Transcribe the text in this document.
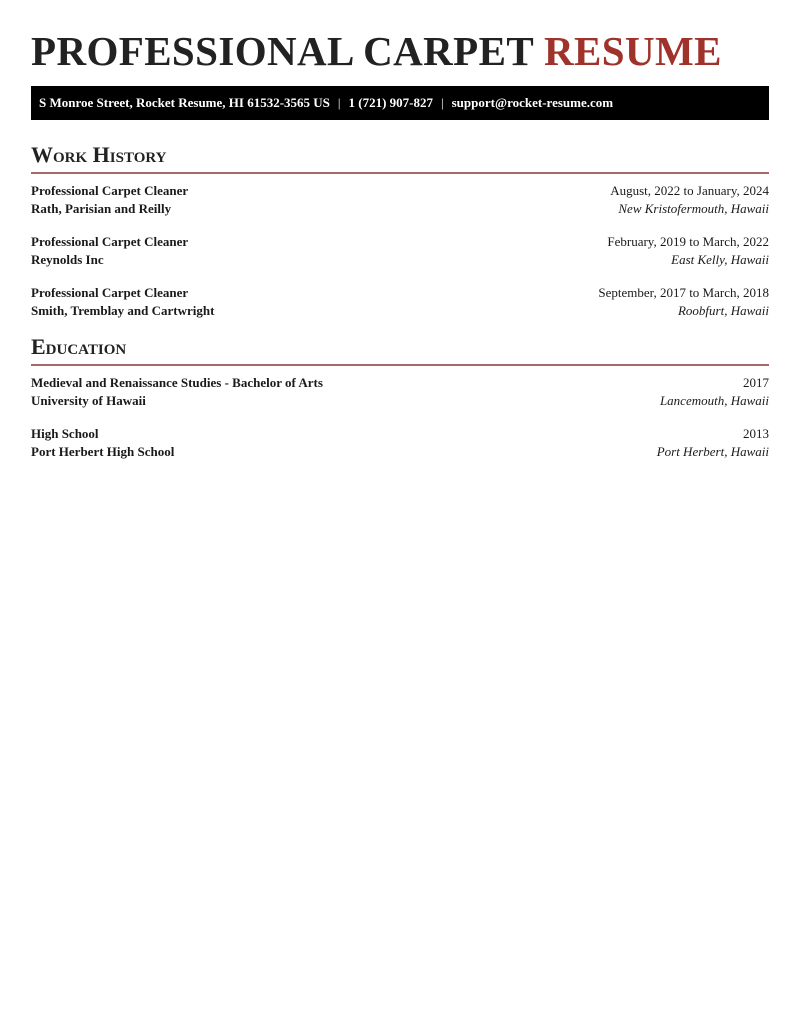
PROFESSIONAL CARPET RESUME
S Monroe Street, Rocket Resume, HI 61532-3565 US | 1 (721) 907-827 | support@rocket-resume.com
Work History
Professional Carpet Cleaner	August, 2022 to January, 2024
Rath, Parisian and Reilly	New Kristofermouth, Hawaii
Professional Carpet Cleaner	February, 2019 to March, 2022
Reynolds Inc	East Kelly, Hawaii
Professional Carpet Cleaner	September, 2017 to March, 2018
Smith, Tremblay and Cartwright	Roobfurt, Hawaii
Education
Medieval and Renaissance Studies - Bachelor of Arts	2017
University of Hawaii	Lancemouth, Hawaii
High School	2013
Port Herbert High School	Port Herbert, Hawaii
